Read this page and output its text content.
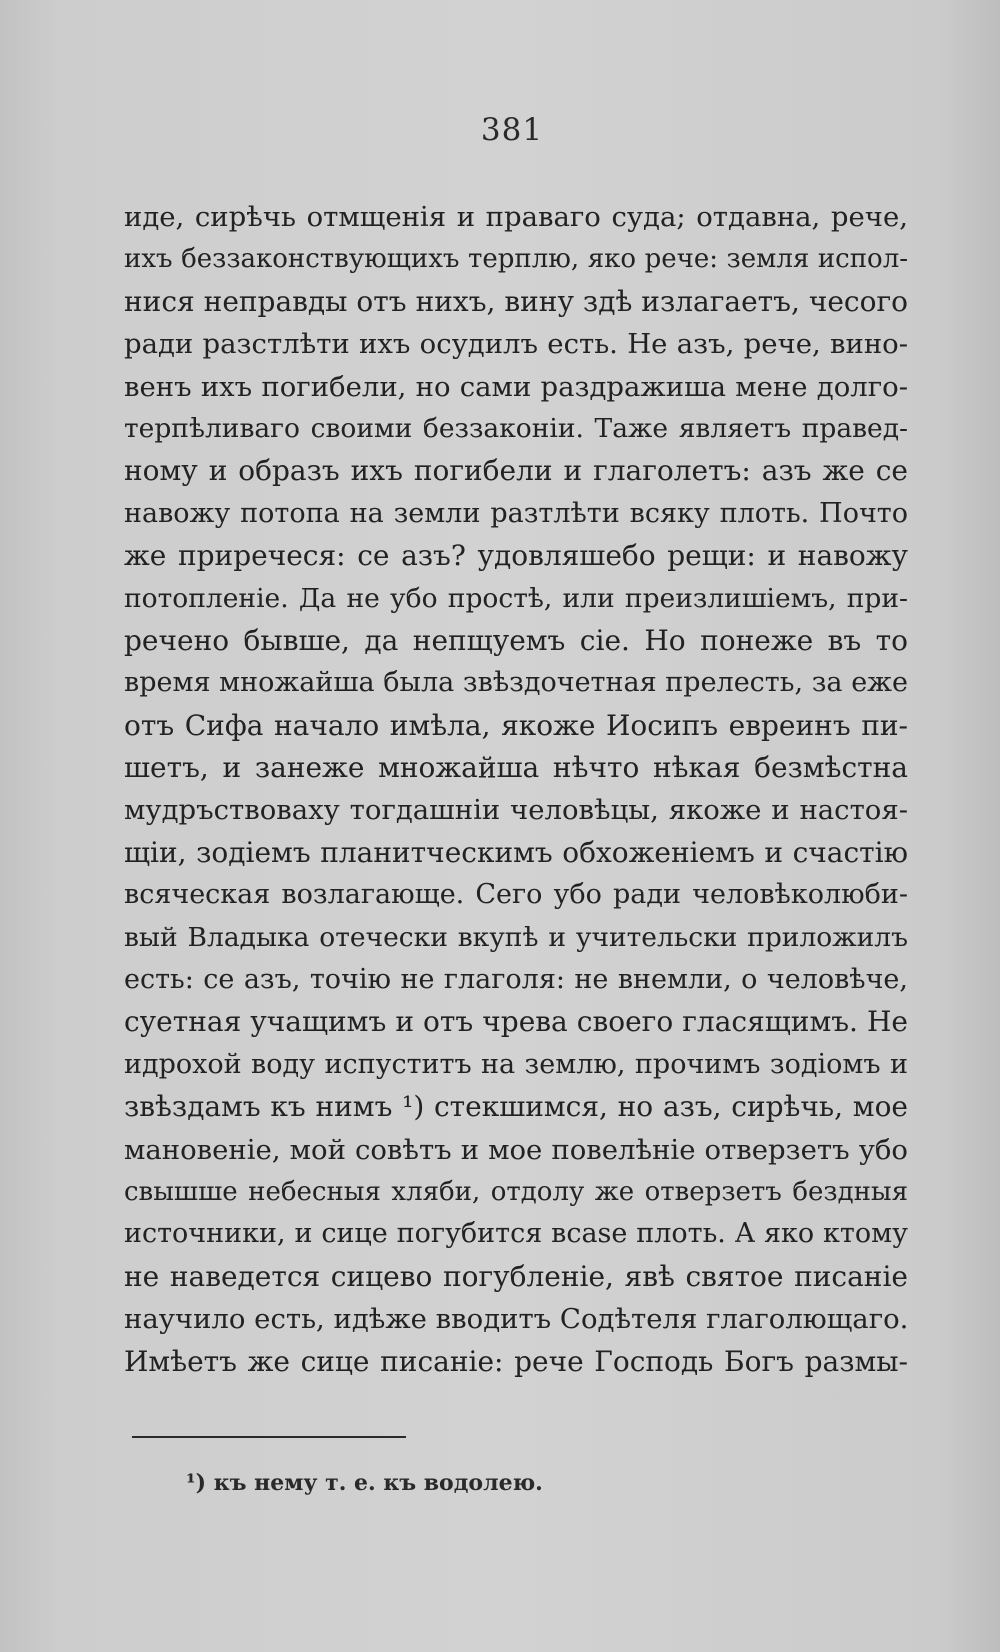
381
иде, сирѣчь отмщенія и праваго суда; отдавна, рече,
ихъ беззаконствующихъ терплю, яко рече: земля испол-
нися неправды отъ нихъ, вину здѣ излагаетъ, чесого
ради разстлѣти ихъ осудилъ есть. Не азъ, рече, вино-
венъ ихъ погибели, но сами раздражиша мене долго-
терпѣливаго своими беззаконіи. Таже являетъ правед-
ному и образъ ихъ погибели и глаголетъ: азъ же се
навожу потопа на земли разтлѣти всяку плоть. Почто
же приречеся: се азъ? удовляшебо рещи: и навожу
потопленіе. Да не убо простѣ, или преизлишіемъ, при-
речено бывше, да непщуемъ сіе. Но понеже въ то
время множайша была звѣздочетная прелесть, за еже
отъ Сифа начало имѣла, якоже Иосипъ евреинъ пи-
шетъ, и занеже множайша нѣчто нѣкая безмѣстна
мудръствоваху тогдашніи человѣцы, якоже и настоя-
щіи, зодіемъ планитческимъ обхоженіемъ и счастію
всяческая возлагающе. Сего убо ради человѣколюби-
вый Владыка отечески вкупѣ и учительски приложилъ
есть: се азъ, точію не глаголя: не внемли, о человѣче,
суетная учащимъ и отъ чрева своего гласящимъ. Не
идрохой воду испуститъ на землю, прочимъ зодіомъ и
звѣздамъ къ нимъ ¹) стекшимся, но азъ, сирѣчь, мое
мановеніе, мой совѣтъ и мое повелѣніе отверзетъ убо
свышше небесныя хляби, отдолу же отверзетъ бездныя
источники, и сице погубится вcase плоть. А яко ктому
не наведется сицево погубленіе, явѣ святое писаніе
научило есть, идѣже вводитъ Содѣтеля глаголющаго.
Имѣетъ же сице писаніе: рече Господь Богъ размы-
¹) къ нему т. е. къ водолею.
